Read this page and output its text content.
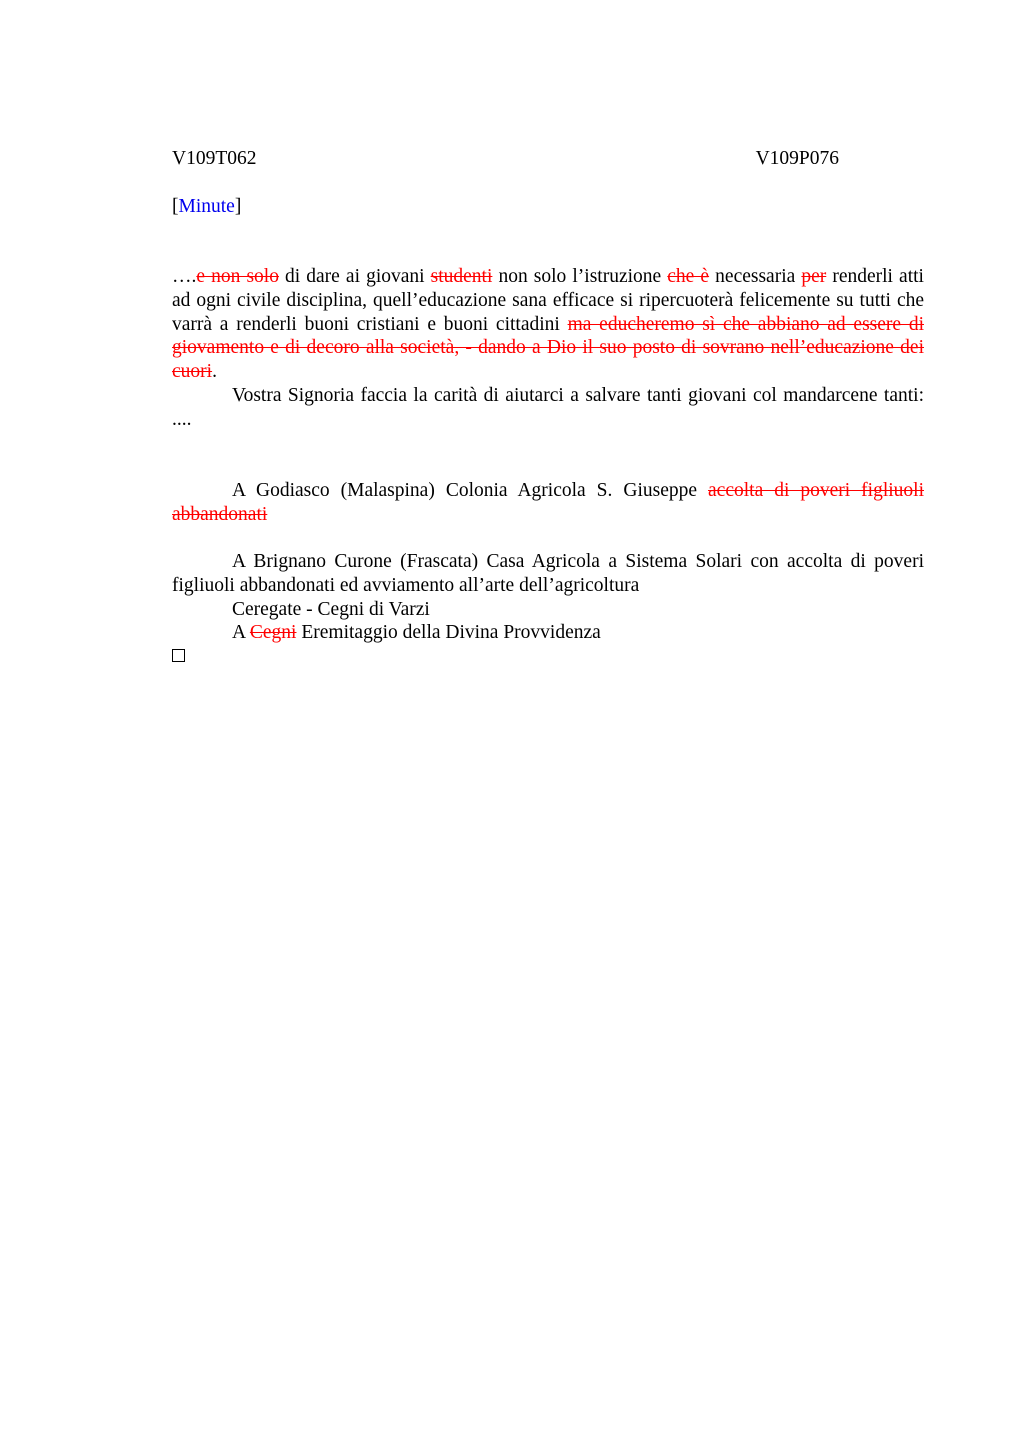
V109T062	V109P076
[Minute]
….e non solo di dare ai giovani studenti non solo l’istruzione che è necessaria per renderli atti ad ogni civile disciplina, quell’educazione sana efficace si ripercuoterà felicemente su tutti che varrà a renderli buoni cristiani e buoni cittadini ma educheremo sì che abbiano ad essere di giovamento e di decoro alla società, - dando a Dio il suo posto di sovrano nell’educazione dei cuori.
Vostra Signoria faccia la carità di aiutarci a salvare tanti giovani col mandarcene tanti: ....
A Godiasco (Malaspina) Colonia Agricola S. Giuseppe accolta di poveri figliuoli abbandonati
A Brignano Curone (Frascata) Casa Agricola a Sistema Solari con accolta di poveri figliuoli abbandonati ed avviamento all’arte dell’agricoltura
Ceregate - Cegni di Varzi
A Cegni Eremitaggio della Divina Provvidenza
